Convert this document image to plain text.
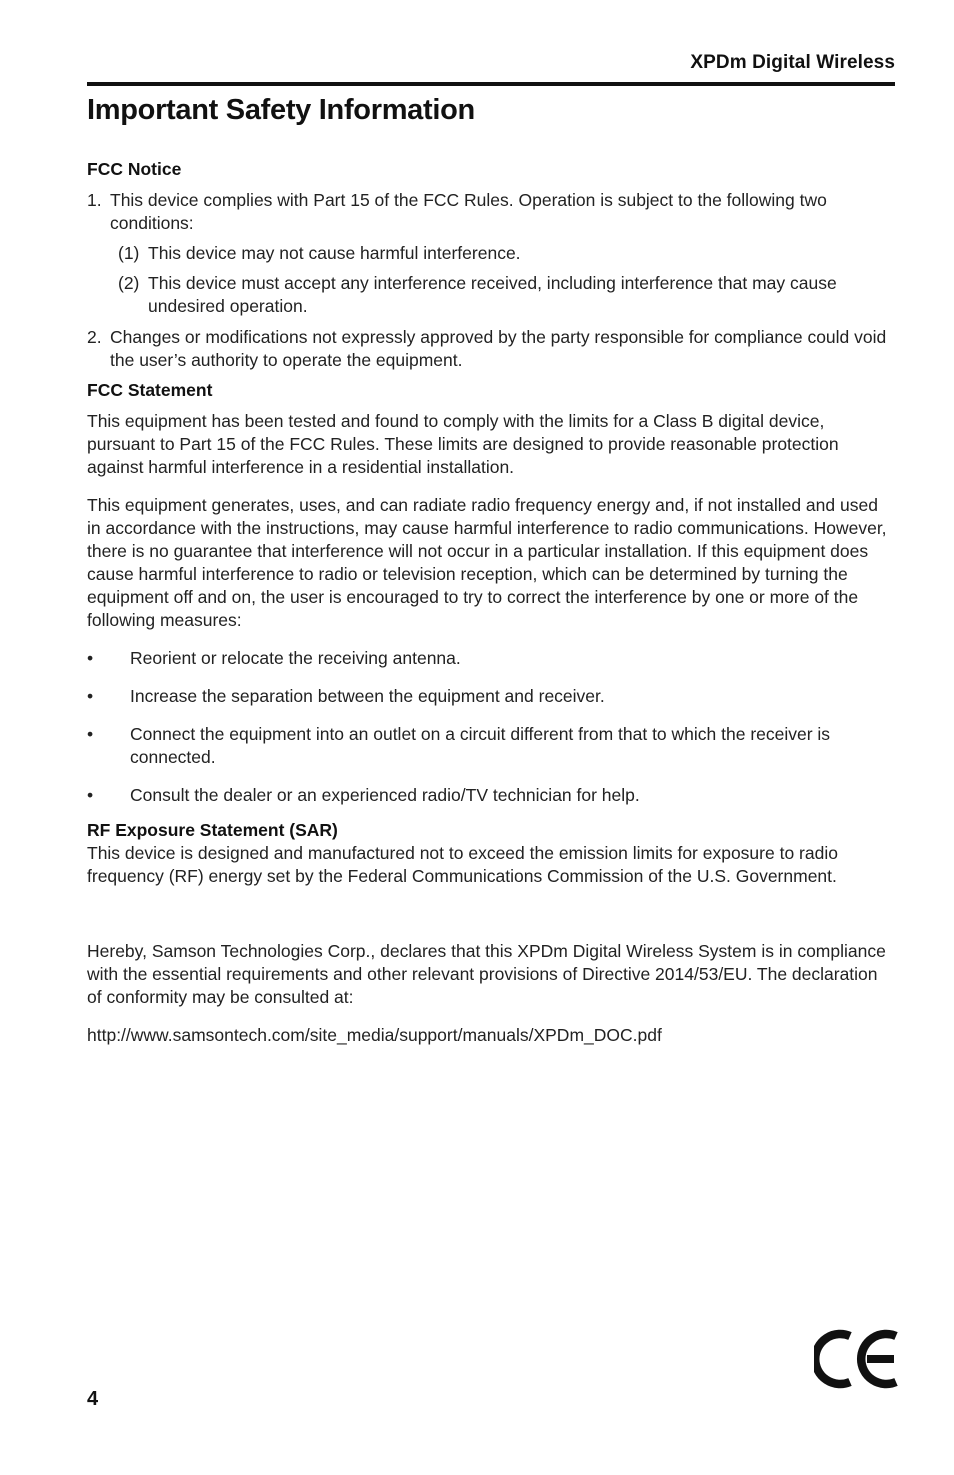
XPDm Digital Wireless
Important Safety Information
FCC Notice
1. This device complies with Part 15 of the FCC Rules. Operation is subject to the following two conditions:
(1) This device may not cause harmful interference.
(2) This device must accept any interference received, including interference that may cause undesired operation.
2. Changes or modifications not expressly approved by the party responsible for compliance could void the user’s authority to operate the equipment.
FCC Statement

This equipment has been tested and found to comply with the limits for a Class B digital device, pursuant to Part 15 of the FCC Rules. These limits are designed to provide reasonable protection against harmful interference in a residential installation.

This equipment generates, uses, and can radiate radio frequency energy and, if not installed and used in accordance with the instructions, may cause harmful interference to radio communications. However, there is no guarantee that interference will not occur in a particular installation. If this equipment does cause harmful interference to radio or television reception, which can be determined by turning the equipment off and on, the user is encouraged to try to correct the interference by one or more of the following measures:

•	Reorient or relocate the receiving antenna.
•	Increase the separation between the equipment and receiver.
•	Connect the equipment into an outlet on a circuit different from that to which the receiver is connected.
•	Consult the dealer or an experienced radio/TV technician for help.
RF Exposure Statement (SAR)

This device is designed and manufactured not to exceed the emission limits for exposure to radio frequency (RF) energy set by the Federal Communications Commission of the U.S. Government.

Hereby, Samson Technologies Corp., declares that this XPDm Digital Wireless System is in compliance with the essential requirements and other relevant provisions of Directive 2014/53/EU. The declaration of conformity may be consulted at:

http://www.samsontech.com/site_media/support/manuals/XPDm_DOC.pdf

4
